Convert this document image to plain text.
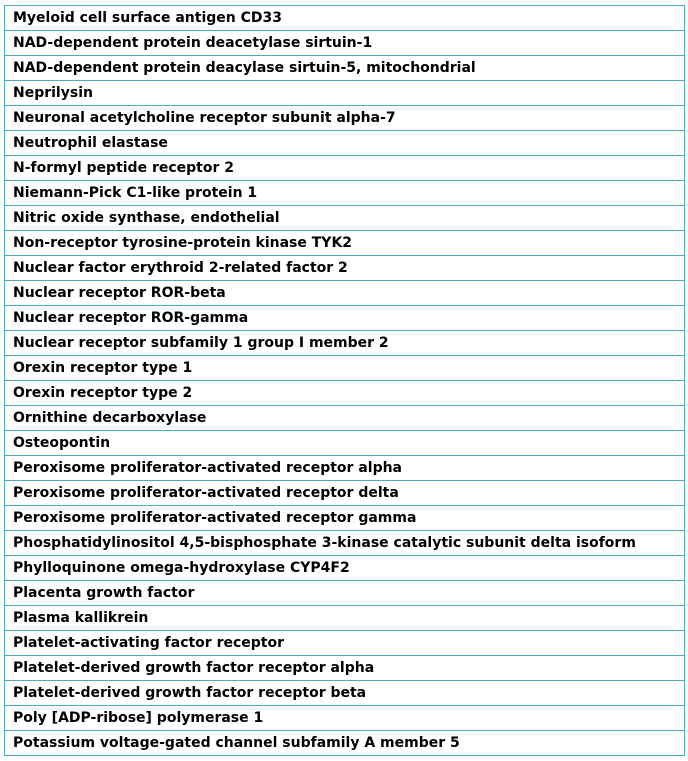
Myeloid cell surface antigen CD33
NAD-dependent protein deacetylase sirtuin-1
NAD-dependent protein deacylase sirtuin-5, mitochondrial
Neprilysin
Neuronal acetylcholine receptor subunit alpha-7
Neutrophil elastase
N-formyl peptide receptor 2
Niemann-Pick C1-like protein 1
Nitric oxide synthase, endothelial
Non-receptor tyrosine-protein kinase TYK2
Nuclear factor erythroid 2-related factor 2
Nuclear receptor ROR-beta
Nuclear receptor ROR-gamma
Nuclear receptor subfamily 1 group I member 2
Orexin receptor type 1
Orexin receptor type 2
Ornithine decarboxylase
Osteopontin
Peroxisome proliferator-activated receptor alpha
Peroxisome proliferator-activated receptor delta
Peroxisome proliferator-activated receptor gamma
Phosphatidylinositol 4,5-bisphosphate 3-kinase catalytic subunit delta isoform
Phylloquinone omega-hydroxylase CYP4F2
Placenta growth factor
Plasma kallikrein
Platelet-activating factor receptor
Platelet-derived growth factor receptor alpha
Platelet-derived growth factor receptor beta
Poly [ADP-ribose] polymerase 1
Potassium voltage-gated channel subfamily A member 5
